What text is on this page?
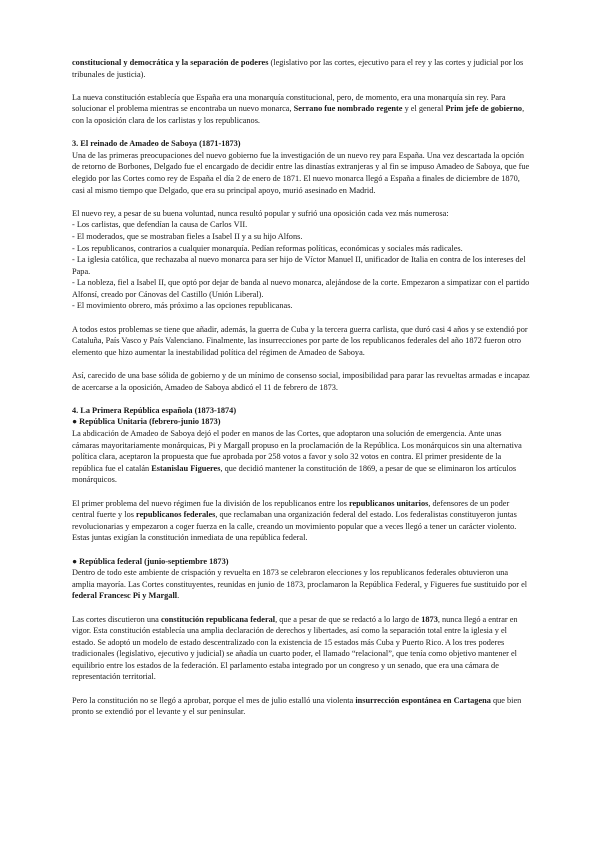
constitucional y democrática y la separación de poderes (legislativo por las cortes, ejecutivo para el rey y las cortes y judicial por los tribunales de justicia).

La nueva constitución establecía que España era una monarquía constitucional, pero, de momento, era una monarquía sin rey. Para solucionar el problema mientras se encontraba un nuevo monarca, Serrano fue nombrado regente y el general Prim jefe de gobierno, con la oposición clara de los carlistas y los republicanos.

3. El reinado de Amadeo de Saboya (1871-1873)

Una de las primeras preocupaciones del nuevo gobierno fue la investigación de un nuevo rey para España. Una vez descartada la opción de retorno de Borbones, Delgado fue el encargado de decidir entre las dinastías extranjeras y al fin se impuso Amadeo de Saboya, que fue elegido por las Cortes como rey de España el día 2 de enero de 1871. El nuevo monarca llegó a España a finales de diciembre de 1870, casi al mismo tiempo que Delgado, que era su principal apoyo, murió asesinado en Madrid.

El nuevo rey, a pesar de su buena voluntad, nunca resultó popular y sufrió una oposición cada vez más numerosa:

- Los carlistas, que defendían la causa de Carlos VII.
- El moderados, que se mostraban fieles a Isabel II y a su hijo Alfons.
- Los republicanos, contrarios a cualquier monarquía. Pedían reformas políticas, económicas y sociales más radicales.
- La iglesia católica, que rechazaba al nuevo monarca para ser hijo de Víctor Manuel II, unificador de Italia en contra de los intereses del Papa.
- La nobleza, fiel a Isabel II, que optó por dejar de banda al nuevo monarca, alejándose de la corte. Empezaron a simpatizar con el partido Alfonsí, creado por Cánovas del Castillo (Unión Liberal).
- El movimiento obrero, más próximo a las opciones republicanas.

A todos estos problemas se tiene que añadir, además, la guerra de Cuba y la tercera guerra carlista, que duró casi 4 años y se extendió por Cataluña, País Vasco y País Valenciano. Finalmente, las insurrecciones por parte de los republicanos federales del año 1872 fueron otro elemento que hizo aumentar la inestabilidad política del régimen de Amadeo de Saboya.

Así, carecido de una base sólida de gobierno y de un mínimo de consenso social, imposibilidad para parar las revueltas armadas e incapaz de acercarse a la oposición, Amadeo de Saboya abdicó el 11 de febrero de 1873.

4. La Primera República española (1873-1874)
● República Unitaria (febrero-junio 1873)

La abdicación de Amadeo de Saboya dejó el poder en manos de las Cortes, que adoptaron una solución de emergencia. Ante unas cámaras mayoritariamente monárquicas, Pi y Margall propuso en la proclamación de la República. Los monárquicos sin una alternativa política clara, aceptaron la propuesta que fue aprobada por 258 votos a favor y solo 32 votos en contra. El primer presidente de la república fue el catalán Estanislau Figueres, que decidió mantener la constitución de 1869, a pesar de que se eliminaron los artículos monárquicos.

El primer problema del nuevo régimen fue la división de los republicanos entre los republicanos unitarios, defensores de un poder central fuerte y los republicanos federales, que reclamaban una organización federal del estado. Los federalistas constituyeron juntas revolucionarias y empezaron a coger fuerza en la calle, creando un movimiento popular que a veces llegó a tener un carácter violento. Estas juntas exigían la constitución inmediata de una república federal.

● República federal (junio-septiembre 1873)

Dentro de todo este ambiente de crispación y revuelta en 1873 se celebraron elecciones y los republicanos federales obtuvieron una amplia mayoría. Las Cortes constituyentes, reunidas en junio de 1873, proclamaron la República Federal, y Figueres fue sustituido por el federal Francesc Pi y Margall.

Las cortes discutieron una constitución republicana federal, que a pesar de que se redactó a lo largo de 1873, nunca llegó a entrar en vigor. Esta constitución establecía una amplia declaración de derechos y libertades, así como la separación total entre la iglesia y el estado. Se adoptó un modelo de estado descentralizado con la existencia de 15 estados más Cuba y Puerto Rico. A los tres poderes tradicionales (legislativo, ejecutivo y judicial) se añadía un cuarto poder, el llamado “relacional”, que tenía como objetivo mantener el equilibrio entre los estados de la federación. El parlamento estaba integrado por un congreso y un senado, que era una cámara de representación territorial.

Pero la constitución no se llegó a aprobar, porque el mes de julio estalló una violenta insurrección espontánea en Cartagena que bien pronto se extendió por el levante y el sur peninsular.
